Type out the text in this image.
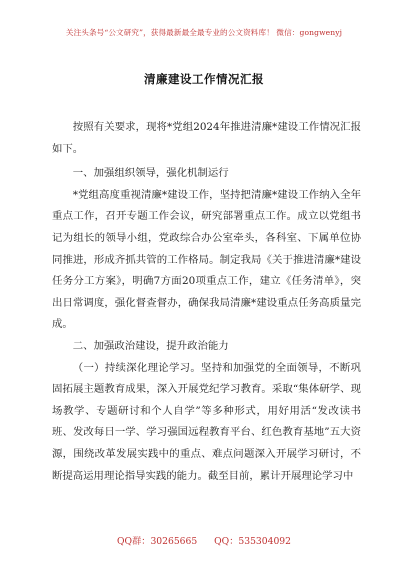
关注头条号“公文研究”，获得最新最全最专业的公文资料库！ 微信：gongwenyj
清廉建设工作情况汇报

按照有关要求，现将*党组2024年推进清廉*建设工作情况汇报如下。

一、加强组织领导，强化机制运行

*党组高度重视清廉*建设工作，坚持把清廉*建设工作纳入全年重点工作，召开专题工作会议，研究部署重点工作。成立以党组书记为组长的领导小组，党政综合办公室牵头，各科室、下属单位协同推进，形成齐抓共管的工作格局。制定我局《关于推进清廉*建设任务分工方案》，明确7方面20项重点工作，建立《任务清单》，突出日常调度，强化督查督办，确保我局清廉*建设重点任务高质量完成。

二、加强政治建设，提升政治能力

（一）持续深化理论学习。坚持和加强党的全面领导，不断巩固拓展主题教育成果，深入开展党纪学习教育。采取“集体研学、现场教学、专题研讨和个人自学”等多种形式，用好用活“发改读书班、发改每日一学、学习强国远程教育平台、红色教育基地”五大资源，围绕改革发展实践中的重点、难点问题深入开展学习研讨，不断提高运用理论指导实践的能力。截至目前，累计开展理论学习中

QQ群：30265665 QQ：535304092
